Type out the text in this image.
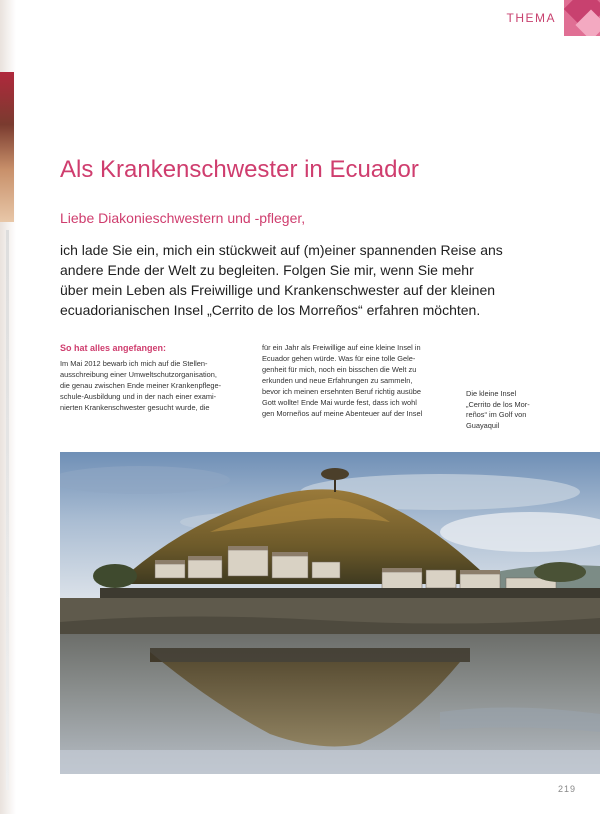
THEMA
Als Krankenschwester in Ecuador
Liebe Diakonieschwestern und -pfleger,
ich lade Sie ein, mich ein stückweit auf (m)einer spannenden Reise ans
andere Ende der Welt zu begleiten. Folgen Sie mir, wenn Sie mehr
über mein Leben als Freiwillige und Krankenschwester auf der kleinen
ecuadorianischen Insel „Cerrito de los Morreños“ erfahren möchten.
So hat alles angefangen:
Im Mai 2012 bewarb ich mich auf die Stellen-
ausschreibung einer Umweltschutzorganisation,
die genau zwischen Ende meiner Krankenpflege-
schule-Ausbildung und in der nach einer exami-
nierten Krankenschwester gesucht wurde, die
für ein Jahr als Freiwillige auf eine kleine Insel in
Ecuador gehen würde. Was für eine tolle Gele-
genheit für mich, noch ein bisschen die Welt zu
erkunden und neue Erfahrungen zu sammeln,
bevor ich meinen ersehnten Beruf richtig ausübe
Gott wollte! Ende Mai wurde fest, dass ich wohl
gen Morneños auf meine Abenteuer auf der Insel
Die kleine Insel
„Cerrito de los Mor-
reños“ im Golf von
Guayaquil
219
